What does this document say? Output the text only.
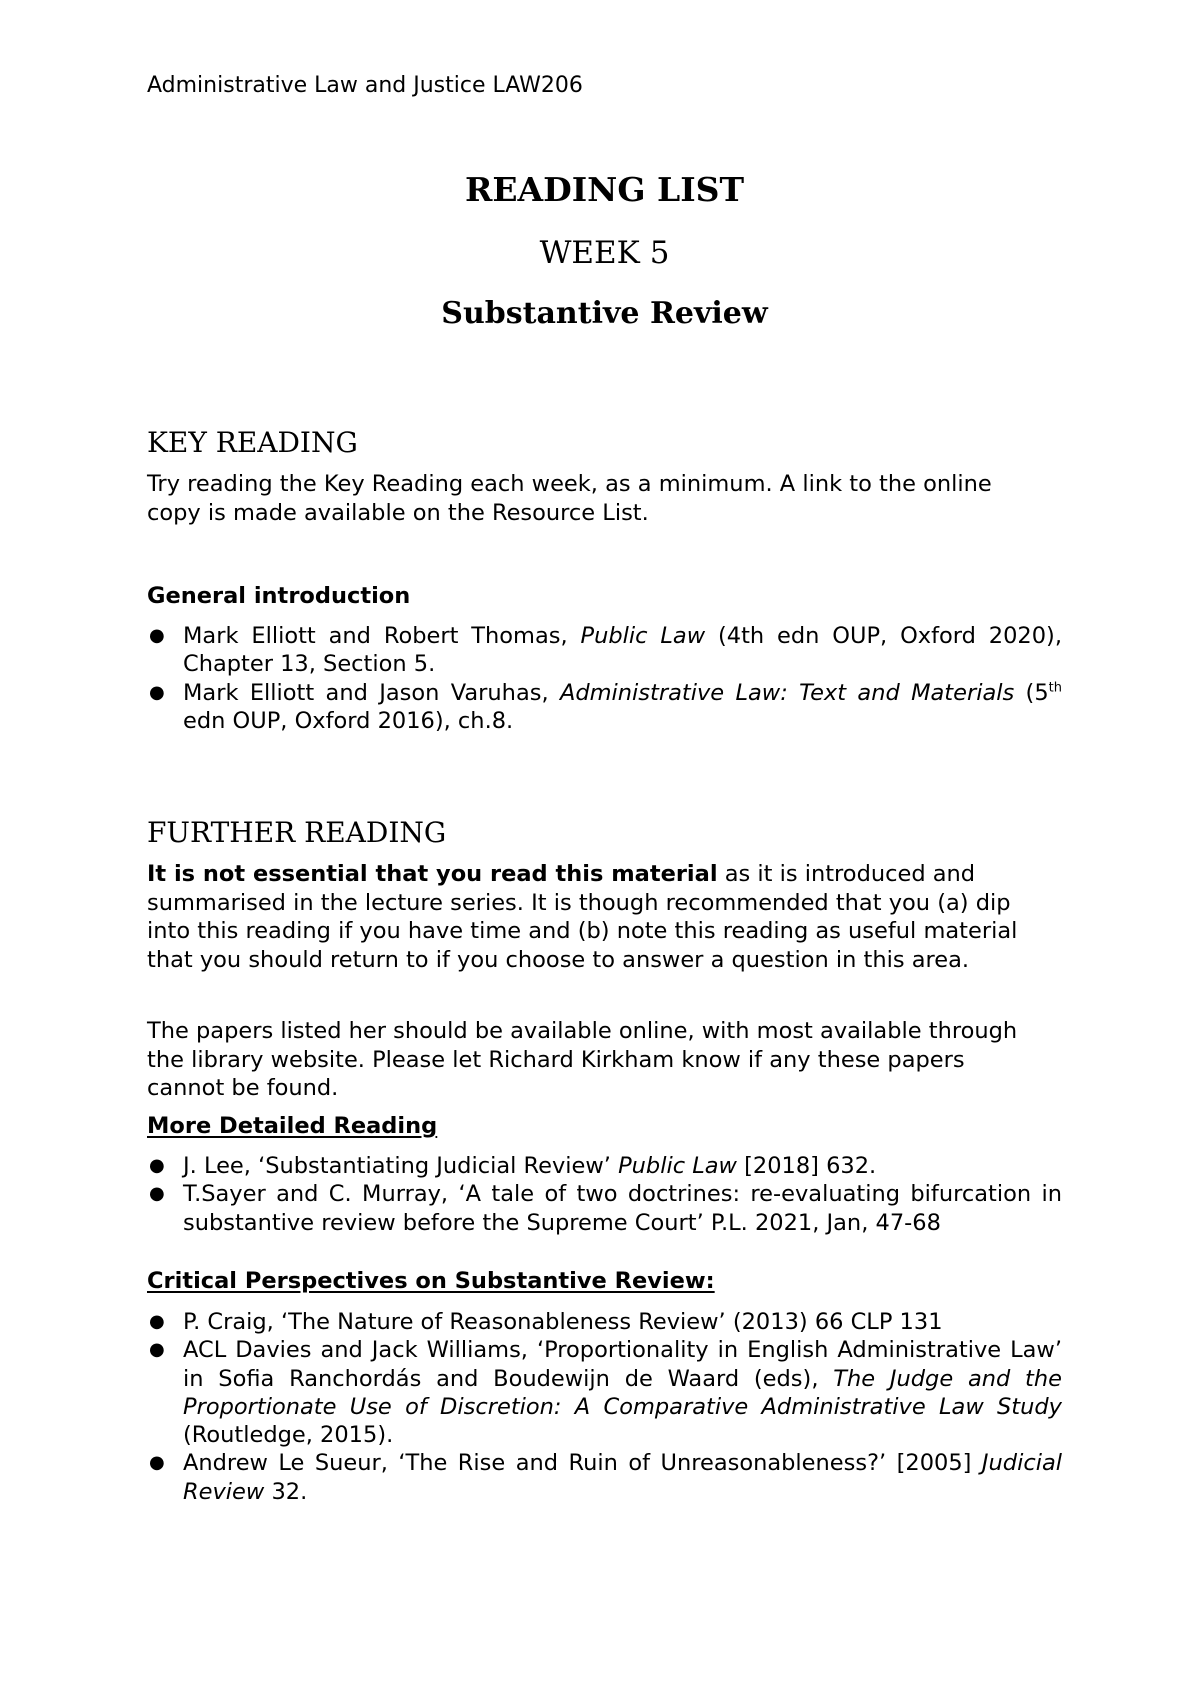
Administrative Law and Justice LAW206
READING LIST
WEEK 5
Substantive Review
KEY READING

Try reading the Key Reading each week, as a minimum. A link to the online copy is made available on the Resource List.

General introduction
● Mark Elliott and Robert Thomas, Public Law (4th edn OUP, Oxford 2020), Chapter 13, Section 5.
● Mark Elliott and Jason Varuhas, Administrative Law: Text and Materials (5th edn OUP, Oxford 2016), ch.8.
FURTHER READING

It is not essential that you read this material as it is introduced and summarised in the lecture series. It is though recommended that you (a) dip into this reading if you have time and (b) note this reading as useful material that you should return to if you choose to answer a question in this area.

The papers listed her should be available online, with most available through the library website. Please let Richard Kirkham know if any these papers cannot be found.

More Detailed Reading
● J. Lee, ‘Substantiating Judicial Review’ Public Law [2018] 632.
● T.Sayer and C. Murray, ‘A tale of two doctrines: re-evaluating bifurcation in substantive review before the Supreme Court’ P.L. 2021, Jan, 47-68
Critical Perspectives on Substantive Review:
● P. Craig, ‘The Nature of Reasonableness Review’ (2013) 66 CLP 131
● ACL Davies and Jack Williams, ‘Proportionality in English Administrative Law’ in Sofia Ranchordás and Boudewijn de Waard (eds), The Judge and the Proportionate Use of Discretion: A Comparative Administrative Law Study (Routledge, 2015).
● Andrew Le Sueur, ‘The Rise and Ruin of Unreasonableness?’ [2005] Judicial Review 32.
